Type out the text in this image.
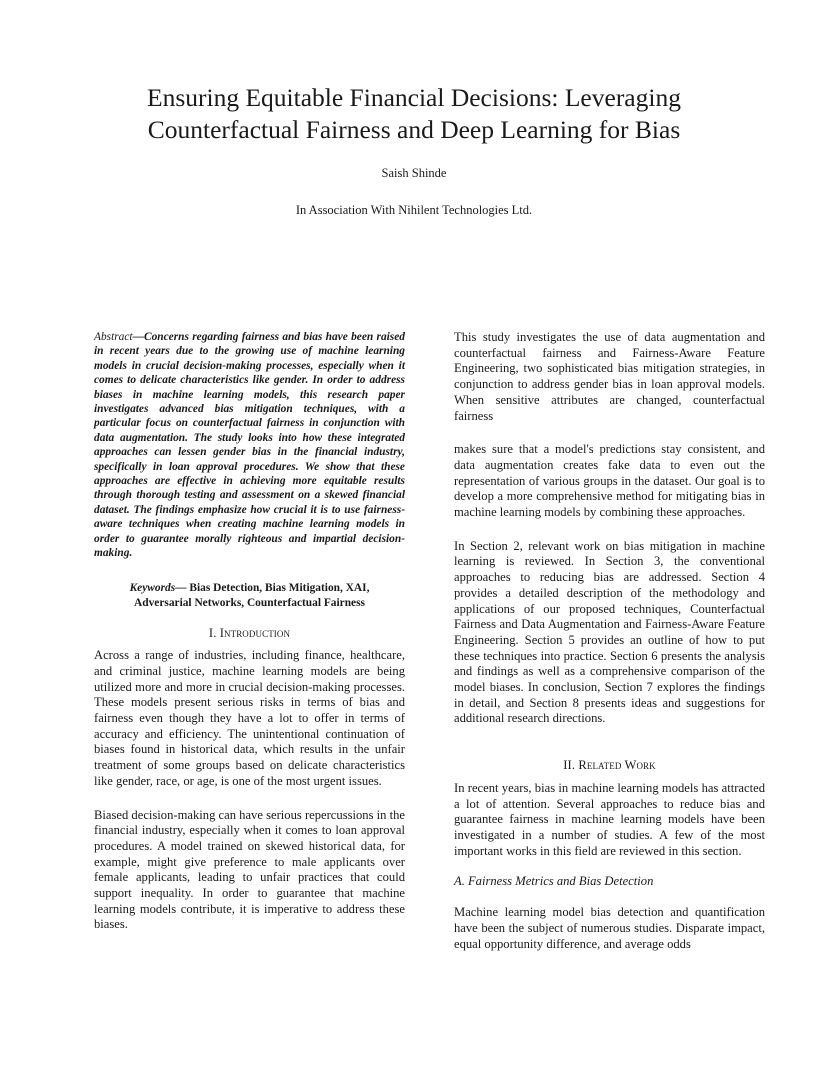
Ensuring Equitable Financial Decisions: Leveraging
Counterfactual Fairness and Deep Learning for Bias
Saish Shinde
In Association With Nihilent Technologies Ltd.

Abstract—Concerns regarding fairness and bias have been raised in recent years due to the growing use of machine learning models in crucial decision-making processes, especially when it comes to delicate characteristics like gender. In order to address biases in machine learning models, this research paper investigates advanced bias mitigation techniques, with a particular focus on counterfactual fairness in conjunction with data augmentation. The study looks into how these integrated approaches can lessen gender bias in the financial industry, specifically in loan approval procedures. We show that these approaches are effective in achieving more equitable results through thorough testing and assessment on a skewed financial dataset. The findings emphasize how crucial it is to use fairness-aware techniques when creating machine learning models in order to guarantee morally righteous and impartial decision-making.

Keywords— Bias Detection, Bias Mitigation, XAI, Adversarial Networks, Counterfactual Fairness

I. Introduction

Across a range of industries, including finance, healthcare, and criminal justice, machine learning models are being utilized more and more in crucial decision-making processes. These models present serious risks in terms of bias and fairness even though they have a lot to offer in terms of accuracy and efficiency. The unintentional continuation of biases found in historical data, which results in the unfair treatment of some groups based on delicate characteristics like gender, race, or age, is one of the most urgent issues.

Biased decision-making can have serious repercussions in the financial industry, especially when it comes to loan approval procedures. A model trained on skewed historical data, for example, might give preference to male applicants over female applicants, leading to unfair practices that could support inequality. In order to guarantee that machine learning models contribute, it is imperative to address these biases.

This study investigates the use of data augmentation and counterfactual fairness and Fairness-Aware Feature Engineering, two sophisticated bias mitigation strategies, in conjunction to address gender bias in loan approval models. When sensitive attributes are changed, counterfactual fairness

makes sure that a model's predictions stay consistent, and data augmentation creates fake data to even out the representation of various groups in the dataset. Our goal is to develop a more comprehensive method for mitigating bias in machine learning models by combining these approaches.

In Section 2, relevant work on bias mitigation in machine learning is reviewed. In Section 3, the conventional approaches to reducing bias are addressed. Section 4 provides a detailed description of the methodology and applications of our proposed techniques, Counterfactual Fairness and Data Augmentation and Fairness-Aware Feature Engineering. Section 5 provides an outline of how to put these techniques into practice. Section 6 presents the analysis and findings as well as a comprehensive comparison of the model biases. In conclusion, Section 7 explores the findings in detail, and Section 8 presents ideas and suggestions for additional research directions.

II. Related Work

In recent years, bias in machine learning models has attracted a lot of attention. Several approaches to reduce bias and guarantee fairness in machine learning models have been investigated in a number of studies. A few of the most important works in this field are reviewed in this section.

A. Fairness Metrics and Bias Detection

Machine learning model bias detection and quantification have been the subject of numerous studies. Disparate impact, equal opportunity difference, and average odds
